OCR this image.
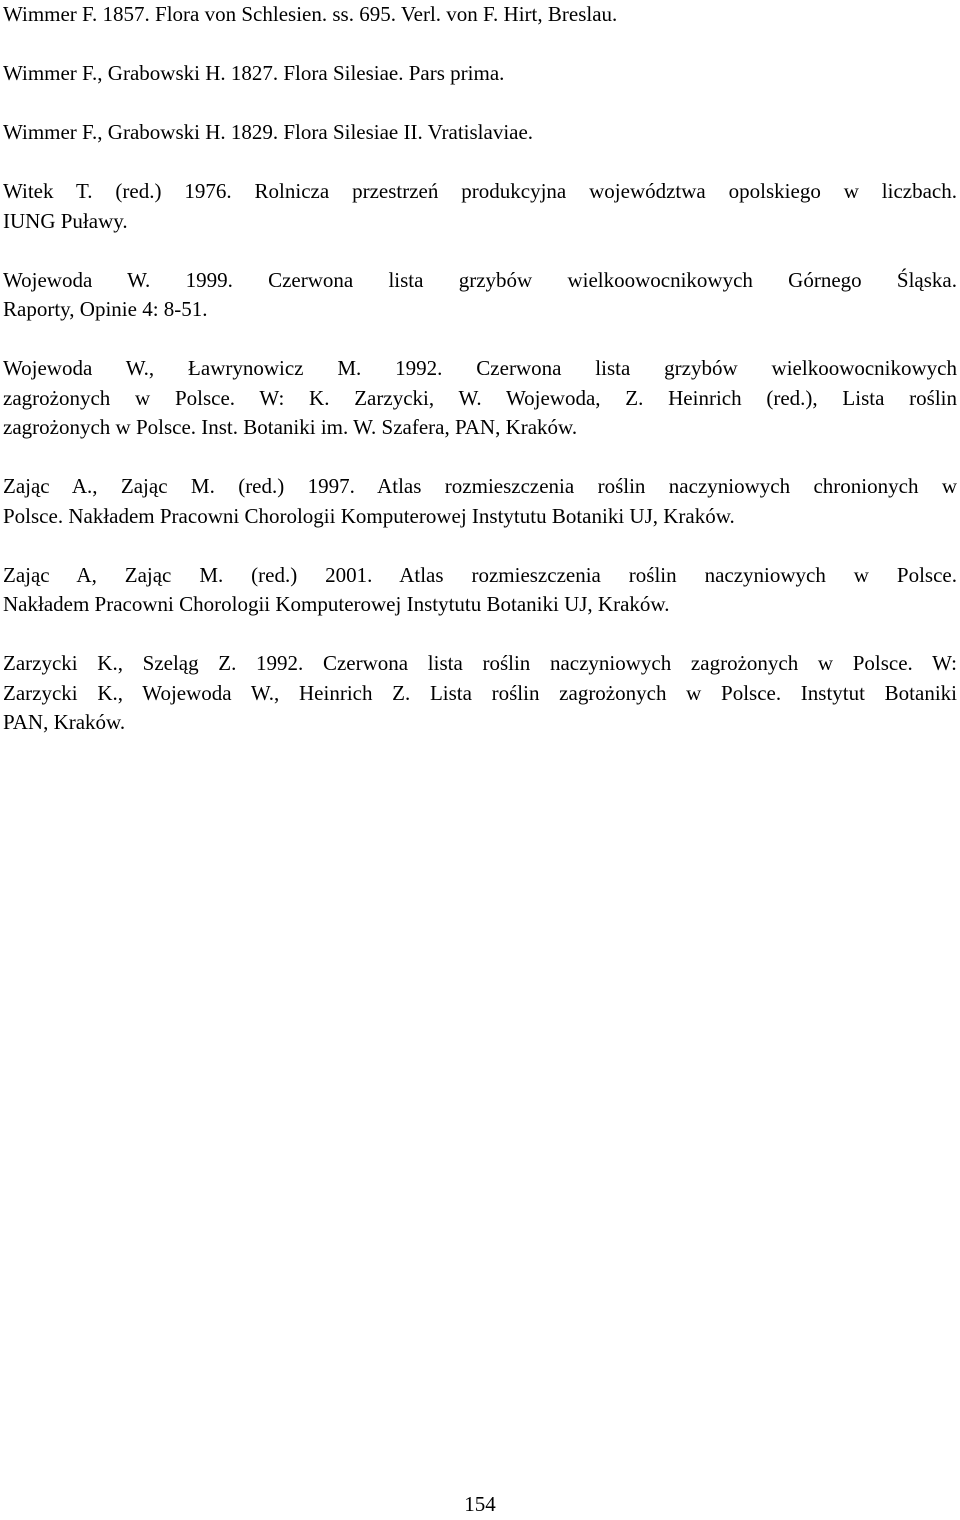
Wimmer F. 1857. Flora von Schlesien. ss. 695. Verl. von F. Hirt, Breslau.

Wimmer F., Grabowski H. 1827. Flora Silesiae. Pars prima.

Wimmer F., Grabowski H. 1829. Flora Silesiae II. Vratislaviae.

Witek T. (red.) 1976. Rolnicza przestrzeń produkcyjna województwa opolskiego w liczbach.
IUNG Puławy.

Wojewoda W. 1999. Czerwona lista grzybów wielkoowocnikowych Górnego Śląska.
Raporty, Opinie 4: 8-51.

Wojewoda W., Ławrynowicz M. 1992. Czerwona lista grzybów wielkoowocnikowych
zagrożonych w Polsce. W: K. Zarzycki, W. Wojewoda, Z. Heinrich (red.), Lista roślin
zagrożonych w Polsce. Inst. Botaniki im. W. Szafera, PAN, Kraków.

Zając A., Zając M. (red.) 1997. Atlas rozmieszczenia roślin naczyniowych chronionych w
Polsce. Nakładem Pracowni Chorologii Komputerowej Instytutu Botaniki UJ, Kraków.

Zając A, Zając M. (red.) 2001. Atlas rozmieszczenia roślin naczyniowych w Polsce.
Nakładem Pracowni Chorologii Komputerowej Instytutu Botaniki UJ, Kraków.

Zarzycki K., Szeląg Z. 1992. Czerwona lista roślin naczyniowych zagrożonych w Polsce. W:
Zarzycki K., Wojewoda W., Heinrich Z. Lista roślin zagrożonych w Polsce. Instytut Botaniki
PAN, Kraków.

154
